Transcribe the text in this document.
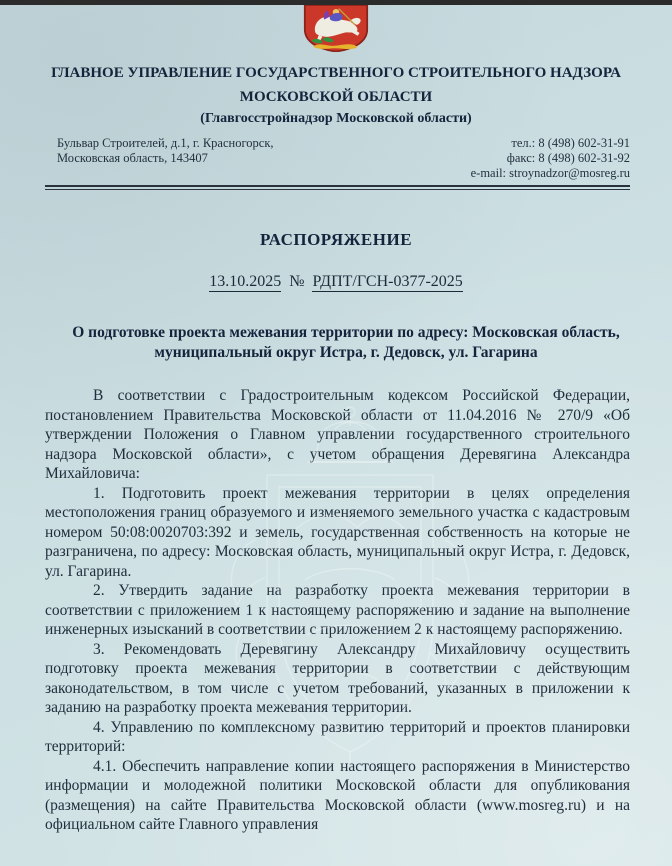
ГЛАВНОЕ УПРАВЛЕНИЕ ГОСУДАРСТВЕННОГО СТРОИТЕЛЬНОГО НАДЗОРА
МОСКОВСКОЙ ОБЛАСТИ
(Главгосстройнадзор Московской области)
Бульвар Строителей, д.1, г. Красногорск,
Московская область, 143407
тел.: 8 (498) 602-31-91
факс: 8 (498) 602-31-92
e-mail: stroynadzor@mosreg.ru
РАСПОРЯЖЕНИЕ
13.10.2025 № РДПТ/ГСН-0377-2025
О подготовке проекта межевания территории по адресу: Московская область, муниципальный округ Истра, г. Дедовск, ул. Гагарина

В соответствии с Градостроительным кодексом Российской Федерации, постановлением Правительства Московской области от 11.04.2016 № 270/9 «Об утверждении Положения о Главном управлении государственного строительного надзора Московской области», с учетом обращения Деревягина Александра Михайловича:

1. Подготовить проект межевания территории в целях определения местоположения границ образуемого и изменяемого земельного участка с кадастровым номером 50:08:0020703:392 и земель, государственная собственность на которые не разграничена, по адресу: Московская область, муниципальный округ Истра, г. Дедовск, ул. Гагарина.

2. Утвердить задание на разработку проекта межевания территории в соответствии с приложением 1 к настоящему распоряжению и задание на выполнение инженерных изысканий в соответствии с приложением 2 к настоящему распоряжению.

3. Рекомендовать Деревягину Александру Михайловичу осуществить подготовку проекта межевания территории в соответствии с действующим законодательством, в том числе с учетом требований, указанных в приложении к заданию на разработку проекта межевания территории.

4. Управлению по комплексному развитию территорий и проектов планировки территорий:

4.1. Обеспечить направление копии настоящего распоряжения в Министерство информации и молодежной политики Московской области для опубликования (размещения) на сайте Правительства Московской области (www.mosreg.ru) и на официальном сайте Главного управления
